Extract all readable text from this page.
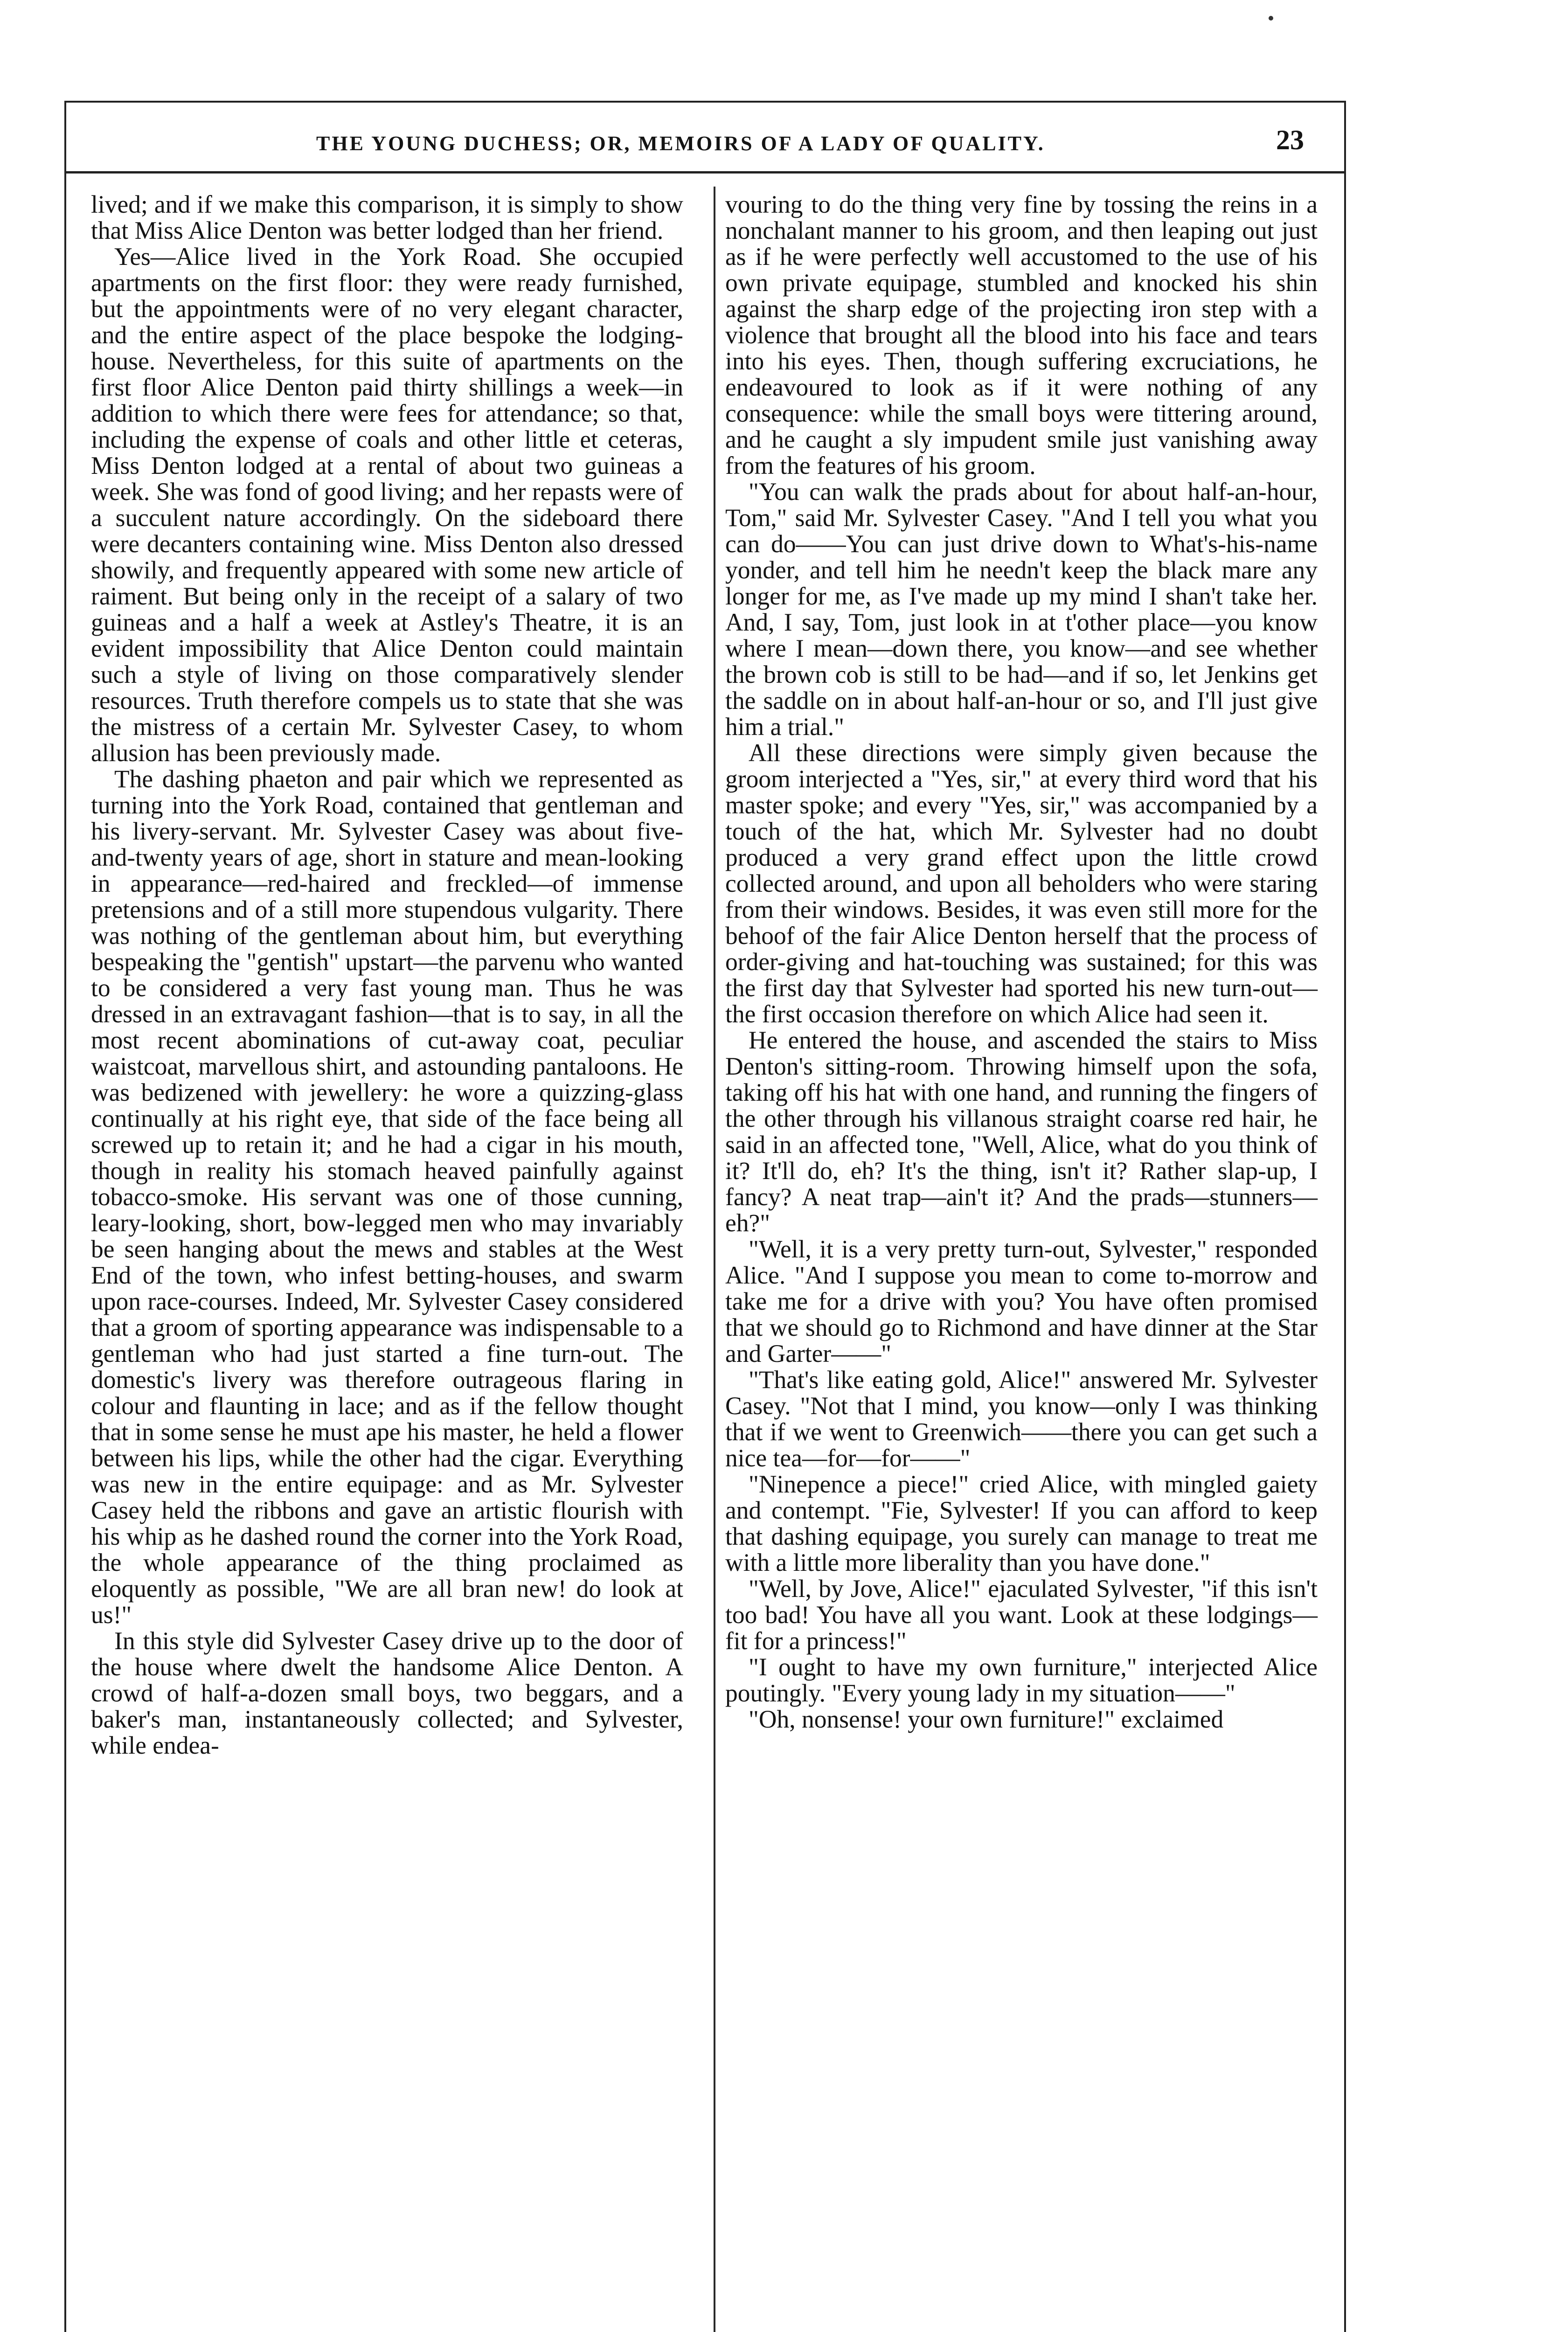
THE YOUNG DUCHESS; OR, MEMOIRS OF A LADY OF QUALITY.	23

lived; and if we make this comparison, it is simply to show that Miss Alice Denton was better lodged than her friend.

Yes—Alice lived in the York Road. She occupied apartments on the first floor: they were ready furnished, but the appointments were of no very elegant character, and the entire aspect of the place bespoke the lodging-house. Nevertheless, for this suite of apartments on the first floor Alice Denton paid thirty shillings a week—in addition to which there were fees for attendance; so that, including the expense of coals and other little et ceteras, Miss Denton lodged at a rental of about two guineas a week. She was fond of good living; and her repasts were of a succulent nature accordingly. On the sideboard there were decanters containing wine. Miss Denton also dressed showily, and frequently appeared with some new article of raiment. But being only in the receipt of a salary of two guineas and a half a week at Astley's Theatre, it is an evident impossibility that Alice Denton could maintain such a style of living on those comparatively slender resources. Truth therefore compels us to state that she was the mistress of a certain Mr. Sylvester Casey, to whom allusion has been previously made.

The dashing phaeton and pair which we represented as turning into the York Road, contained that gentleman and his livery-servant. Mr. Sylvester Casey was about five-and-twenty years of age, short in stature and mean-looking in appearance—red-haired and freckled—of immense pretensions and of a still more stupendous vulgarity. There was nothing of the gentleman about him, but everything bespeaking the "gentish" upstart—the parvenu who wanted to be considered a very fast young man. Thus he was dressed in an extravagant fashion—that is to say, in all the most recent abominations of cut-away coat, peculiar waistcoat, marvellous shirt, and astounding pantaloons. He was bedizened with jewellery: he wore a quizzing-glass continually at his right eye, that side of the face being all screwed up to retain it; and he had a cigar in his mouth, though in reality his stomach heaved painfully against tobacco-smoke. His servant was one of those cunning, leary-looking, short, bow-legged men who may invariably be seen hanging about the mews and stables at the West End of the town, who infest betting-houses, and swarm upon race-courses. Indeed, Mr. Sylvester Casey considered that a groom of sporting appearance was indispensable to a gentleman who had just started a fine turn-out. The domestic's livery was therefore outrageous flaring in colour and flaunting in lace; and as if the fellow thought that in some sense he must ape his master, he held a flower between his lips, while the other had the cigar. Everything was new in the entire equipage: and as Mr. Sylvester Casey held the ribbons and gave an artistic flourish with his whip as he dashed round the corner into the York Road, the whole appearance of the thing proclaimed as eloquently as possible, "We are all bran new! do look at us!"

In this style did Sylvester Casey drive up to the door of the house where dwelt the handsome Alice Denton. A crowd of half-a-dozen small boys, two beggars, and a baker's man, instantaneously collected; and Sylvester, while endea-

vouring to do the thing very fine by tossing the reins in a nonchalant manner to his groom, and then leaping out just as if he were perfectly well accustomed to the use of his own private equipage, stumbled and knocked his shin against the sharp edge of the projecting iron step with a violence that brought all the blood into his face and tears into his eyes. Then, though suffering excruciations, he endeavoured to look as if it were nothing of any consequence: while the small boys were tittering around, and he caught a sly impudent smile just vanishing away from the features of his groom.

"You can walk the prads about for about half-an-hour, Tom," said Mr. Sylvester Casey. "And I tell you what you can do——You can just drive down to What's-his-name yonder, and tell him he needn't keep the black mare any longer for me, as I've made up my mind I shan't take her. And, I say, Tom, just look in at t'other place—you know where I mean—down there, you know—and see whether the brown cob is still to be had—and if so, let Jenkins get the saddle on in about half-an-hour or so, and I'll just give him a trial."

All these directions were simply given because the groom interjected a "Yes, sir," at every third word that his master spoke; and every "Yes, sir," was accompanied by a touch of the hat, which Mr. Sylvester had no doubt produced a very grand effect upon the little crowd collected around, and upon all beholders who were staring from their windows. Besides, it was even still more for the behoof of the fair Alice Denton herself that the process of order-giving and hat-touching was sustained; for this was the first day that Sylvester had sported his new turn-out—the first occasion therefore on which Alice had seen it.

He entered the house, and ascended the stairs to Miss Denton's sitting-room. Throwing himself upon the sofa, taking off his hat with one hand, and running the fingers of the other through his villanous straight coarse red hair, he said in an affected tone, "Well, Alice, what do you think of it? It'll do, eh? It's the thing, isn't it? Rather slap-up, I fancy? A neat trap—ain't it? And the prads—stunners—eh?"

"Well, it is a very pretty turn-out, Sylvester," responded Alice. "And I suppose you mean to come to-morrow and take me for a drive with you? You have often promised that we should go to Richmond and have dinner at the Star and Garter——"

"That's like eating gold, Alice!" answered Mr. Sylvester Casey. "Not that I mind, you know—only I was thinking that if we went to Greenwich——there you can get such a nice tea—for—for——"

"Ninepence a piece!" cried Alice, with mingled gaiety and contempt. "Fie, Sylvester! If you can afford to keep that dashing equipage, you surely can manage to treat me with a little more liberality than you have done."

"Well, by Jove, Alice!" ejaculated Sylvester, "if this isn't too bad! You have all you want. Look at these lodgings—fit for a princess!"

"I ought to have my own furniture," interjected Alice poutingly. "Every young lady in my situation——"

"Oh, nonsense! your own furniture!" exclaimed
